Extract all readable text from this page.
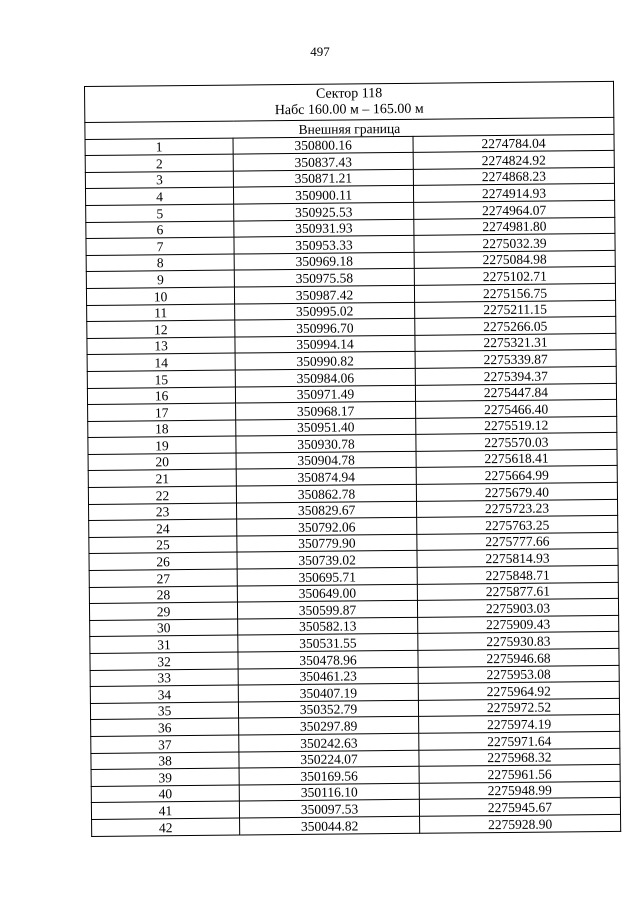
497
Сектор 118
Набс 160.00 м – 165.00 м		

Внешняя граница		
1	350800.16	2274784.04
2	350837.43	2274824.92
3	350871.21	2274868.23
4	350900.11	2274914.93
5	350925.53	2274964.07
6	350931.93	2274981.80
7	350953.33	2275032.39
8	350969.18	2275084.98
9	350975.58	2275102.71
10	350987.42	2275156.75
11	350995.02	2275211.15
12	350996.70	2275266.05
13	350994.14	2275321.31
14	350990.82	2275339.87
15	350984.06	2275394.37
16	350971.49	2275447.84
17	350968.17	2275466.40
18	350951.40	2275519.12
19	350930.78	2275570.03
20	350904.78	2275618.41
21	350874.94	2275664.99
22	350862.78	2275679.40
23	350829.67	2275723.23
24	350792.06	2275763.25
25	350779.90	2275777.66
26	350739.02	2275814.93
27	350695.71	2275848.71
28	350649.00	2275877.61
29	350599.87	2275903.03
30	350582.13	2275909.43
31	350531.55	2275930.83
32	350478.96	2275946.68
33	350461.23	2275953.08
34	350407.19	2275964.92
35	350352.79	2275972.52
36	350297.89	2275974.19
37	350242.63	2275971.64
38	350224.07	2275968.32
39	350169.56	2275961.56
40	350116.10	2275948.99
41	350097.53	2275945.67
42	350044.82	2275928.90
